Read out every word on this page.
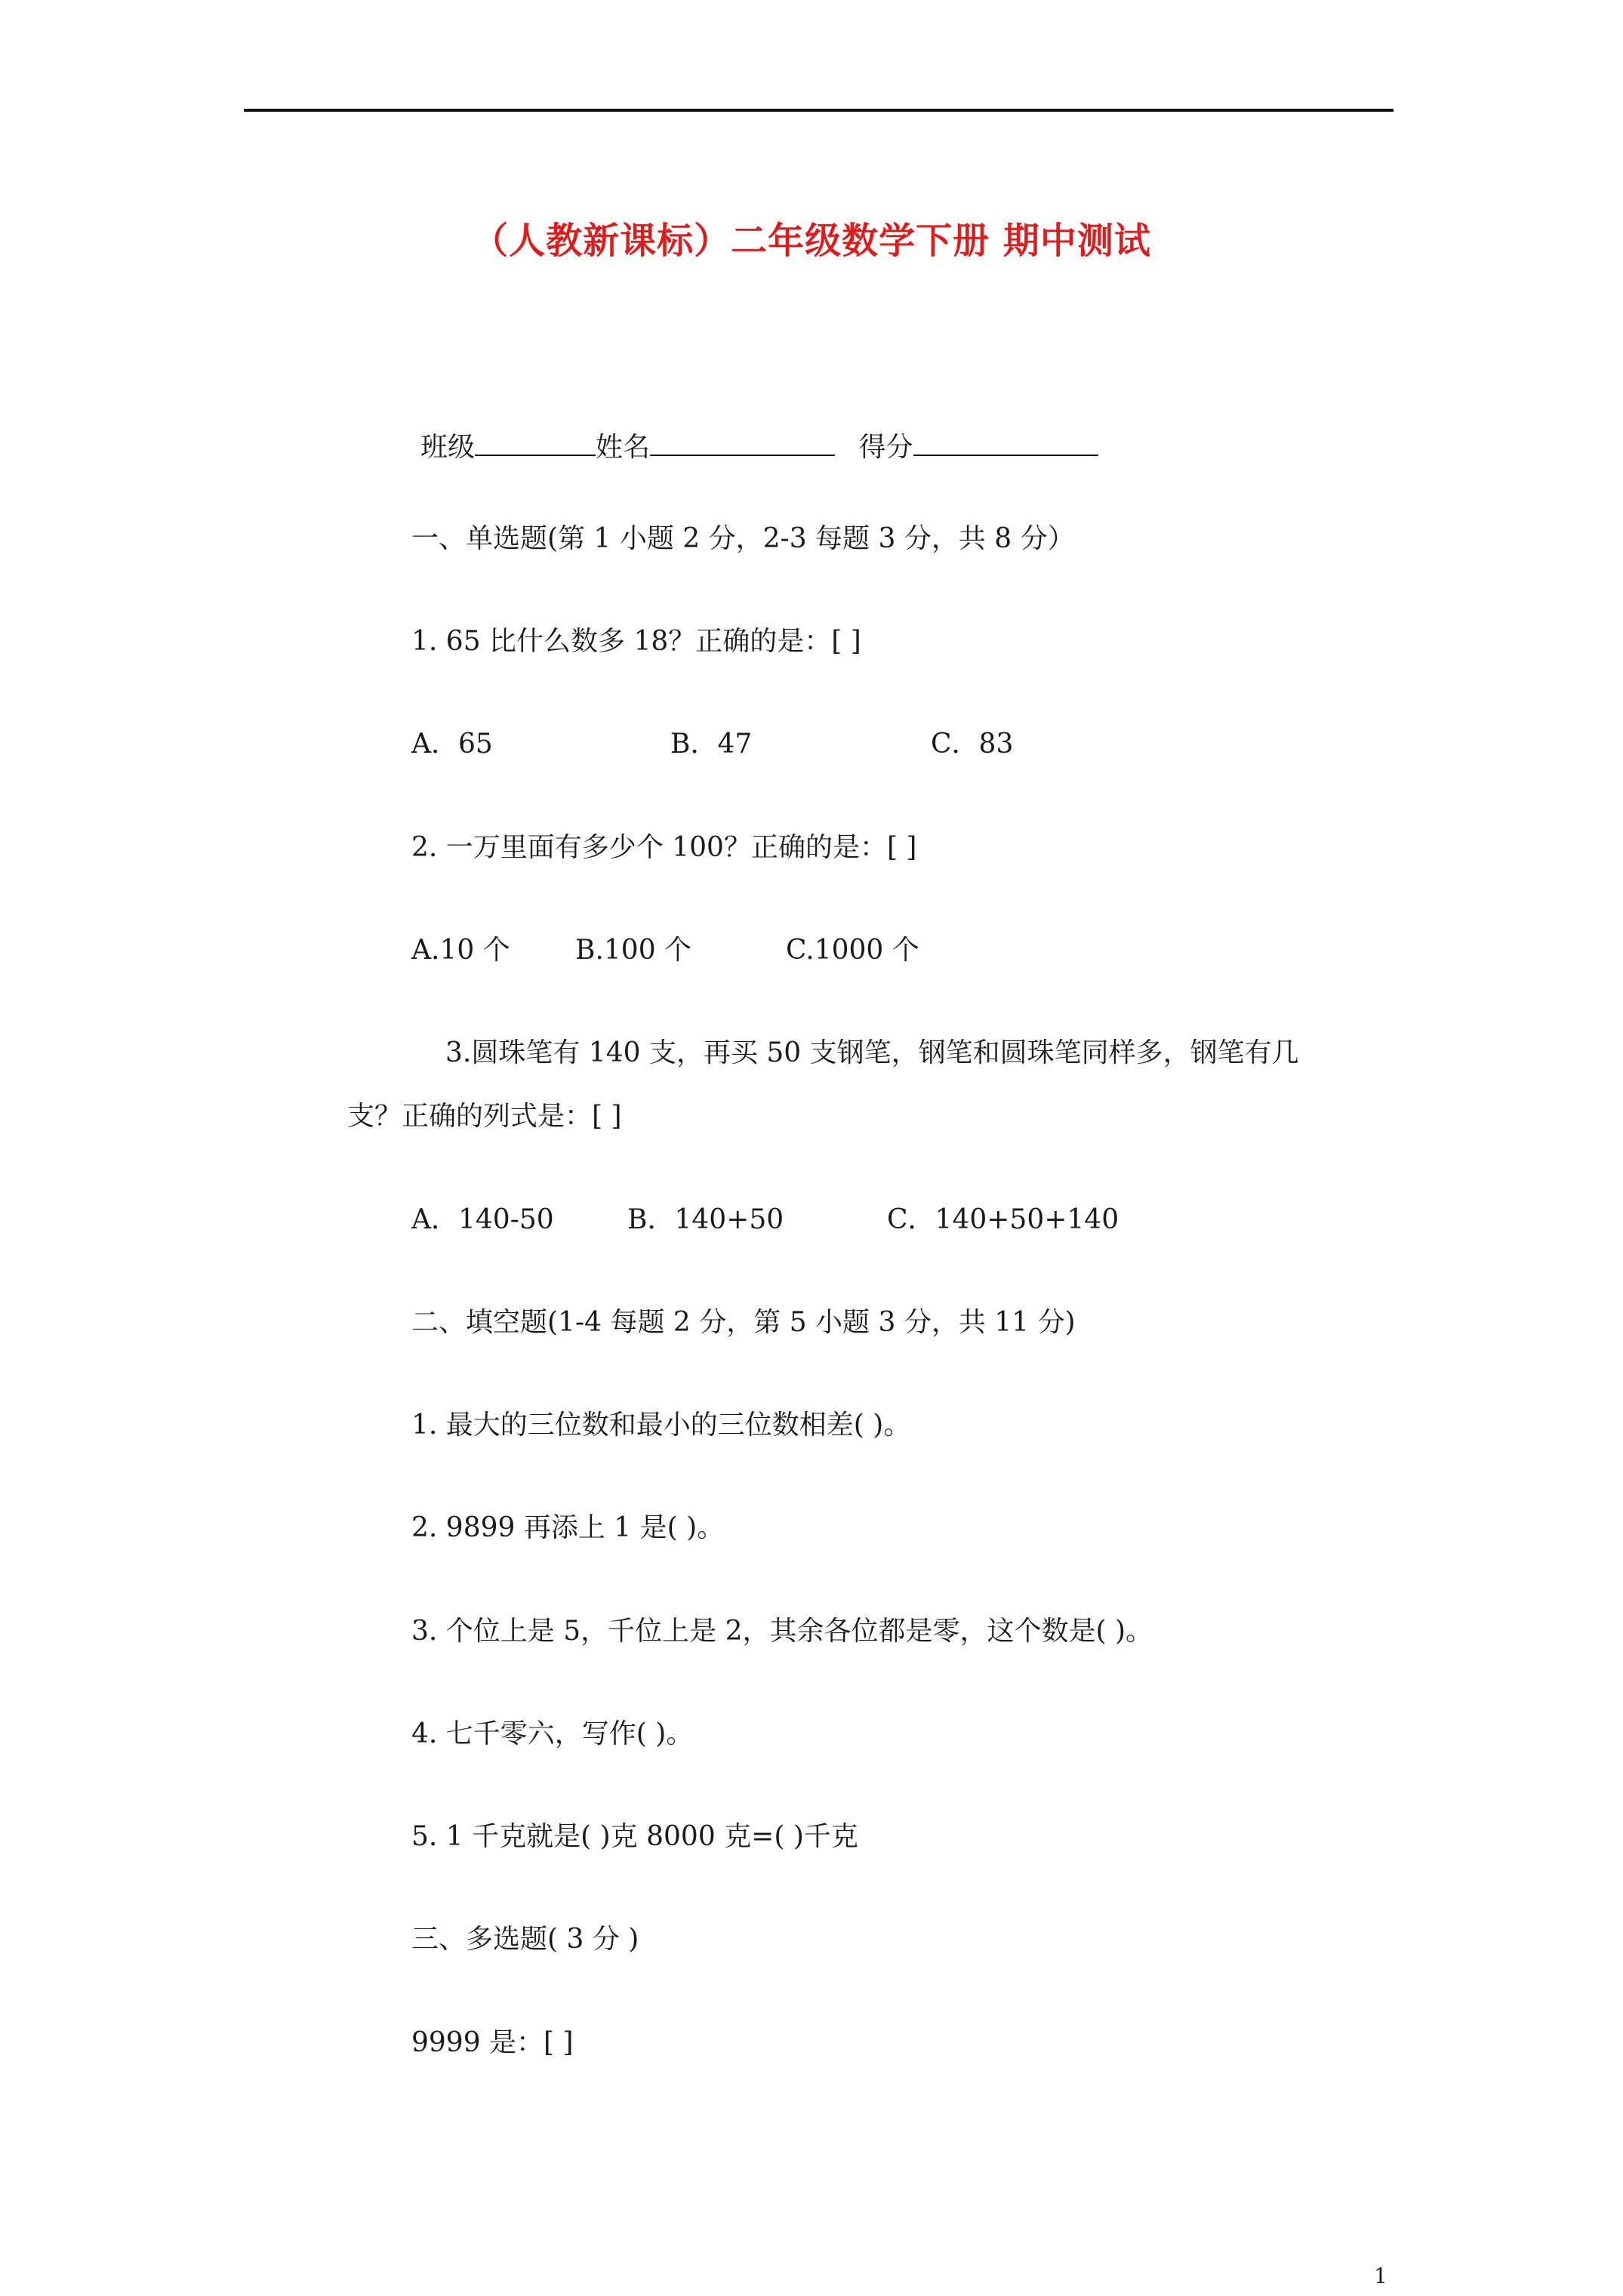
（人教新课标）二年级数学下册 期中测试
班级	姓名	得分
一、单选题(第 1 小题 2 分，2-3 每题 3 分，共 8 分）
1. 65 比什么数多 18？正确的是：[ ]
A．65	B．47	C．83
2. 一万里面有多少个 100？正确的是：[ ]
A.10 个 B.100 个	C.1000 个
3.圆珠笔有 140 支，再买 50 支钢笔，钢笔和圆珠笔同样多，钢笔有几
支？正确的列式是：[ ]
A．140-50	B．140+50	C．140+50+140
二、填空题(1-4 每题 2 分，第 5 小题 3 分，共 11 分)
1. 最大的三位数和最小的三位数相差( )。
2. 9899 再添上 1 是( )。
3. 个位上是 5，千位上是 2，其余各位都是零，这个数是( )。
4. 七千零六，写作( )。
5. 1 千克就是( )克 8000 克=( )千克
三、多选题( 3 分 )
9999 是：[ ]
1
